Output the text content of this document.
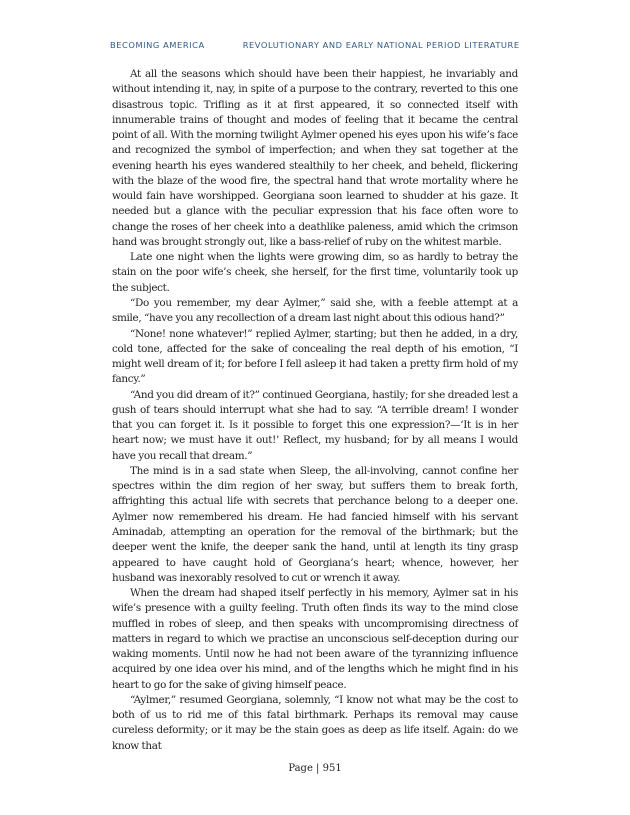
BECOMING AMERICA	REVOLUTIONARY AND EARLY NATIONAL PERIOD LITERATURE

At all the seasons which should have been their happiest, he invariably and without intending it, nay, in spite of a purpose to the contrary, reverted to this one disastrous topic. Trifling as it at first appeared, it so connected itself with innumerable trains of thought and modes of feeling that it became the central point of all. With the morning twilight Aylmer opened his eyes upon his wife’s face and recognized the symbol of imperfection; and when they sat together at the evening hearth his eyes wandered stealthily to her cheek, and beheld, flickering with the blaze of the wood fire, the spectral hand that wrote mortality where he would fain have worshipped. Georgiana soon learned to shudder at his gaze. It needed but a glance with the peculiar expression that his face often wore to change the roses of her cheek into a deathlike paleness, amid which the crimson hand was brought strongly out, like a bass-relief of ruby on the whitest marble.

Late one night when the lights were growing dim, so as hardly to betray the stain on the poor wife’s cheek, she herself, for the first time, voluntarily took up the subject.

“Do you remember, my dear Aylmer,” said she, with a feeble attempt at a smile, “have you any recollection of a dream last night about this odious hand?”

“None! none whatever!” replied Aylmer, starting; but then he added, in a dry, cold tone, affected for the sake of concealing the real depth of his emotion, “I might well dream of it; for before I fell asleep it had taken a pretty firm hold of my fancy.”

“And you did dream of it?” continued Georgiana, hastily; for she dreaded lest a gush of tears should interrupt what she had to say. “A terrible dream! I wonder that you can forget it. Is it possible to forget this one expression?—‘It is in her heart now; we must have it out!’ Reflect, my husband; for by all means I would have you recall that dream.”

The mind is in a sad state when Sleep, the all-involving, cannot confine her spectres within the dim region of her sway, but suffers them to break forth, affrighting this actual life with secrets that perchance belong to a deeper one. Aylmer now remembered his dream. He had fancied himself with his servant Aminadab, attempting an operation for the removal of the birthmark; but the deeper went the knife, the deeper sank the hand, until at length its tiny grasp appeared to have caught hold of Georgiana’s heart; whence, however, her husband was inexorably resolved to cut or wrench it away.

When the dream had shaped itself perfectly in his memory, Aylmer sat in his wife’s presence with a guilty feeling. Truth often finds its way to the mind close muffled in robes of sleep, and then speaks with uncompromising directness of matters in regard to which we practise an unconscious self-deception during our waking moments. Until now he had not been aware of the tyrannizing influence acquired by one idea over his mind, and of the lengths which he might find in his heart to go for the sake of giving himself peace.

“Aylmer,” resumed Georgiana, solemnly, “I know not what may be the cost to both of us to rid me of this fatal birthmark. Perhaps its removal may cause cureless deformity; or it may be the stain goes as deep as life itself. Again: do we know that

Page | 951
